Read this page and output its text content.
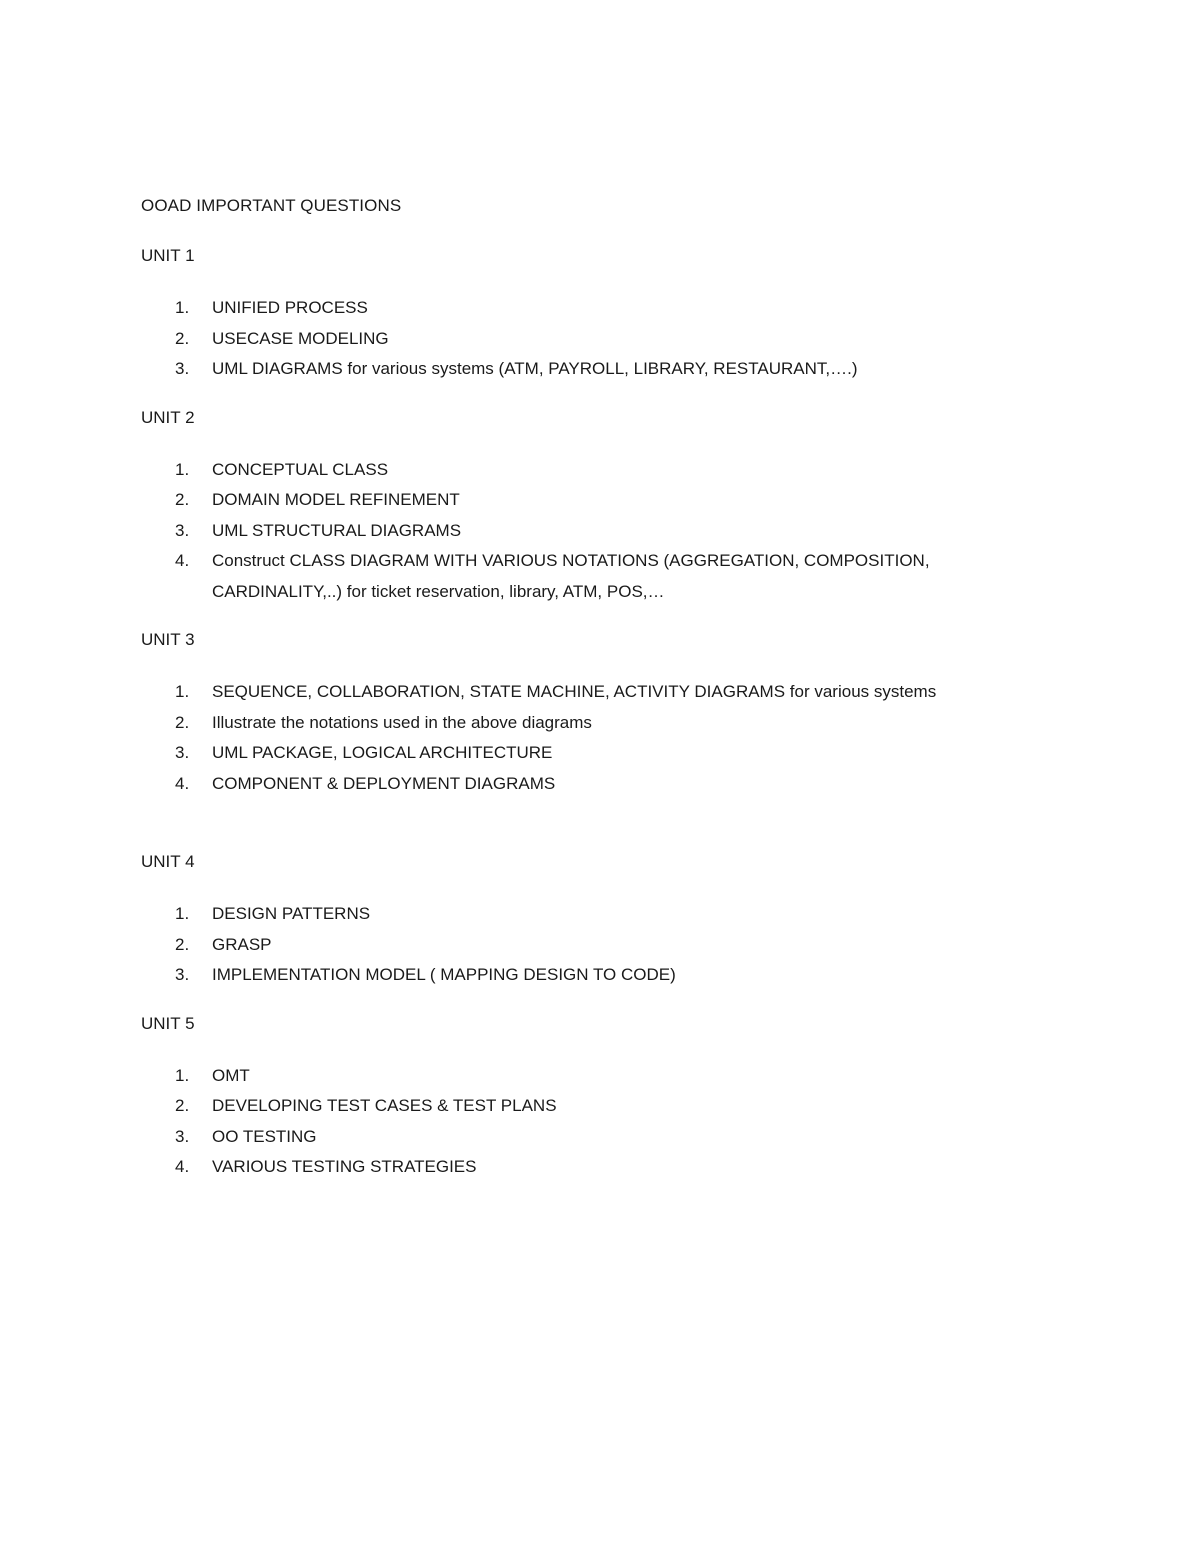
OOAD IMPORTANT QUESTIONS
UNIT 1
1. UNIFIED PROCESS
2. USECASE MODELING
3. UML DIAGRAMS for various systems (ATM, PAYROLL, LIBRARY, RESTAURANT,….)
UNIT 2
1. CONCEPTUAL CLASS
2. DOMAIN MODEL REFINEMENT
3. UML STRUCTURAL DIAGRAMS
4. Construct CLASS DIAGRAM WITH VARIOUS NOTATIONS (AGGREGATION, COMPOSITION, CARDINALITY,..) for ticket reservation, library, ATM, POS,…
UNIT 3
1. SEQUENCE, COLLABORATION, STATE MACHINE, ACTIVITY DIAGRAMS for various systems
2. Illustrate the notations used in the above diagrams
3. UML PACKAGE, LOGICAL ARCHITECTURE
4. COMPONENT & DEPLOYMENT DIAGRAMS
UNIT 4
1. DESIGN PATTERNS
2. GRASP
3. IMPLEMENTATION MODEL ( MAPPING DESIGN TO CODE)
UNIT 5
1. OMT
2. DEVELOPING TEST CASES & TEST PLANS
3. OO TESTING
4. VARIOUS TESTING STRATEGIES
